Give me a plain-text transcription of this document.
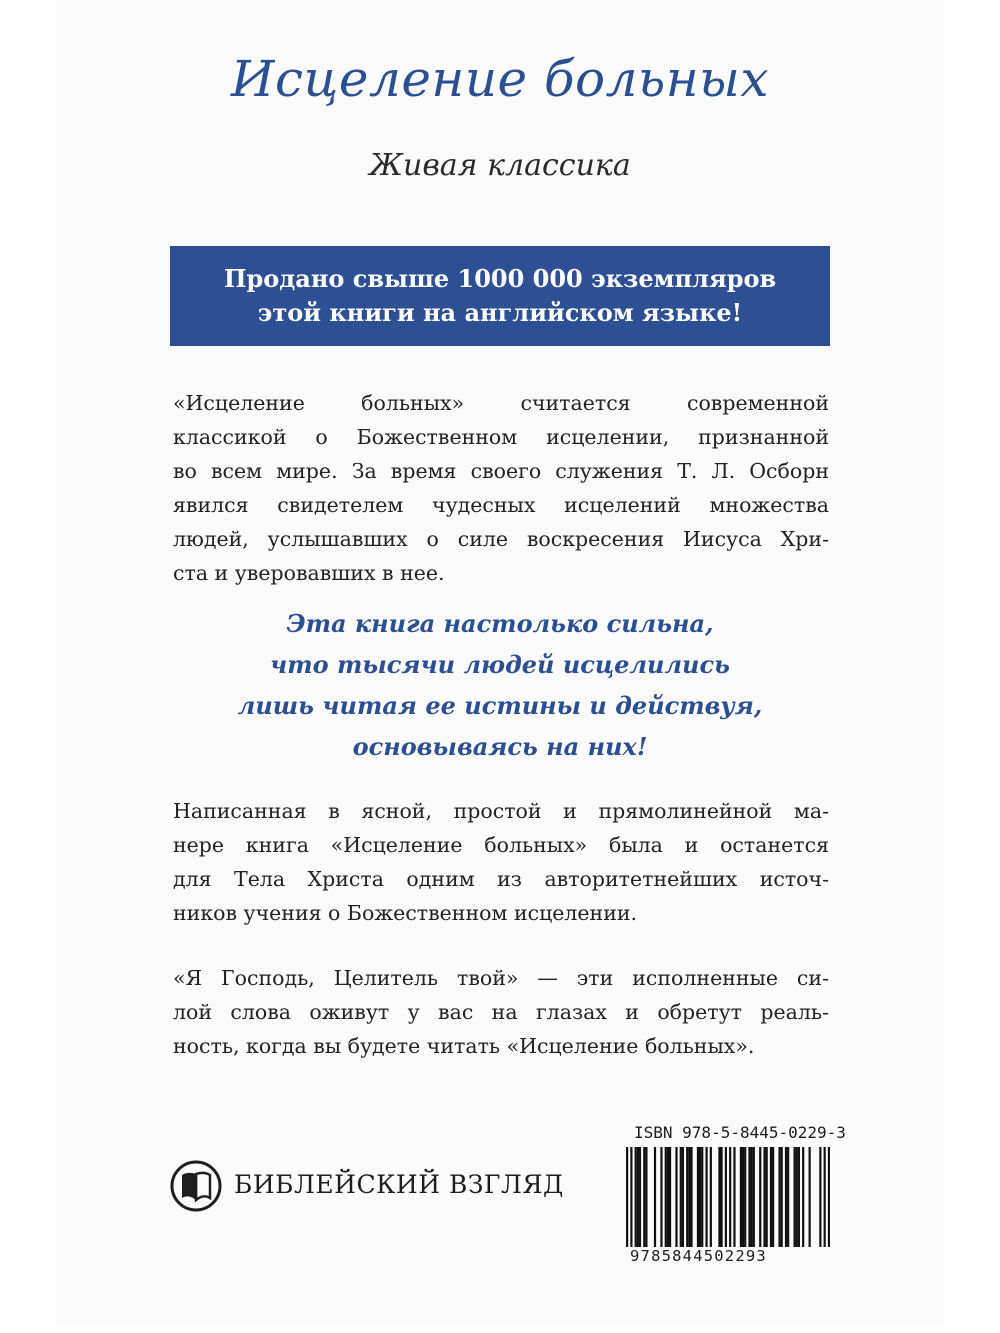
Исцеление больных
Живая классика
Продано свыше 1000 000 экземпляров
этой книги на английском языке!
«Исцеление больных» считается современной
классикой о Божественном исцелении, признанной
во всем мире. За время своего служения Т. Л. Осборн
явился свидетелем чудесных исцелений множества
людей, услышавших о силе воскресения Иисуса Хри-
ста и уверовавших в нее.
Эта книга настолько сильна,
что тысячи людей исцелились
лишь читая ее истины и действуя,
основываясь на них!
Написанная в ясной, простой и прямолинейной ма-
нере книга «Исцеление больных» была и останется
для Тела Христа одним из авторитетнейших источ-
ников учения о Божественном исцелении.
«Я Господь, Целитель твой» — эти исполненные си-
лой слова оживут у вас на глазах и обретут реаль-
ность, когда вы будете читать «Исцеление больных».
БИБЛЕЙСКИЙ ВЗГЛЯД
ISBN 978-5-8445-0229-3
9785844502293
